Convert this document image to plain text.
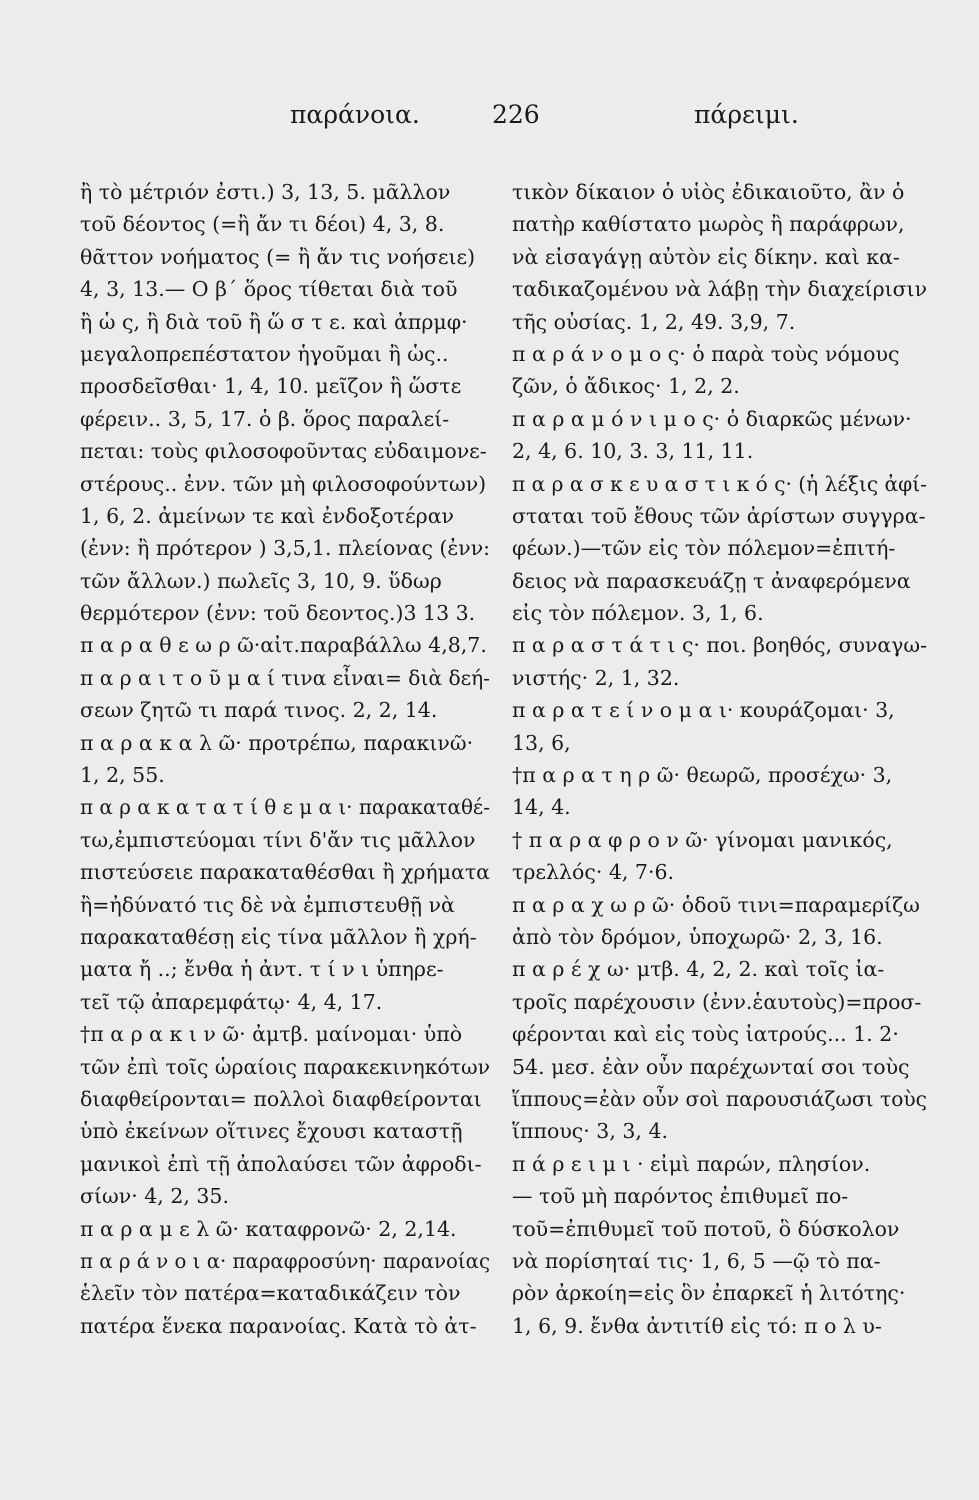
παράνοια.	226	πάρειμι.
ἢ τὸ μέτριόν ἐστι.) 3, 13, 5. μᾶλλον
τοῦ δέοντος (=ἢ ἄν τι δέοι) 4, 3, 8.
θᾶττον νοήματος (= ἢ ἄν τις νοήσειε)
4, 3, 13.— Ο β΄ ὅρος τίθεται διὰ τοῦ
ἢ ὡ ς, ἢ διὰ τοῦ ἢ ὥ σ τ ε. καὶ ἀπρμφ·
μεγαλοπρεπέστατον ἡγοῦμαι ἢ ὡς..
προσδεῖσθαι· 1, 4, 10. μεῖζον ἢ ὥστε
φέρειν.. 3, 5, 17. ὁ β. ὅρος παραλεί-
πεται: τοὺς φιλοσοφοῦντας εὐδαιμονε-
στέρους.. ἐνν. τῶν μὴ φιλοσοφούντων)
1, 6, 2. ἀμείνων τε καὶ ἐνδοξοτέραν
(ἐνν: ἢ πρότερον ) 3,5,1. πλείονας (ἐνν:
τῶν ἄλλων.) πωλεῖς 3, 10, 9. ὕδωρ
θερμότερον (ἐνν: τοῦ δεοντος.)3 13 3.
π α ρ α θ ε ω ρ ῶ·αἰτ.παραβάλλω 4,8,7.
π α ρ α ι τ ο ῦ μ α ί τινα εἶναι= διὰ δεή-
σεων ζητῶ τι παρά τινος. 2, 2, 14.
π α ρ α κ α λ ῶ· προτρέπω, παρακινῶ·
1, 2, 55.
π α ρ α κ α τ α τ ί θ ε μ α ι· παρακαταθέ-
τω,ἐμπιστεύομαι τίνι δ'ἄν τις μᾶλλον
πιστεύσειε παρακαταθέσθαι ἢ χρήματα
ἢ=ἠδύνατό τις δὲ νὰ ἐμπιστευθῇ νὰ
παρακαταθέσῃ εἰς τίνα μᾶλλον ἢ χρή-
ματα ἤ ..; ἔνθα ἡ ἀντ. τ ί ν ι ὑπηρε-
τεῖ τῷ ἀπαρεμφάτῳ· 4, 4, 17.
†π α ρ α κ ι ν ῶ· ἀμτβ. μαίνομαι· ὑπὸ
τῶν ἐπὶ τοῖς ὡραίοις παρακεκινηκότων
διαφθείρονται= πολλοὶ διαφθείρονται
ὑπὸ ἐκείνων οἵτινες ἔχουσι καταστῇ
μανικοὶ ἐπὶ τῇ ἀπολαύσει τῶν ἀφροδι-
σίων· 4, 2, 35.
π α ρ α μ ε λ ῶ· καταφρονῶ· 2, 2,14.
π α ρ ά ν ο ι α· παραφροσύνη· παρανοίας
ἑλεῖν τὸν πατέρα=καταδικάζειν τὸν
πατέρα ἕνεκα παρανοίας. Κατὰ τὸ ἀτ-
τικὸν δίκαιον ὁ υἱὸς ἐδικαιοῦτο, ἂν ὁ
πατὴρ καθίστατο μωρὸς ἢ παράφρων,
νὰ εἰσαγάγῃ αὐτὸν εἰς δίκην. καὶ κα-
ταδικαζομένου νὰ λάβῃ τὴν διαχείρισιν
τῆς οὐσίας. 1, 2, 49. 3,9, 7.
π α ρ ά ν ο μ ο ς· ὁ παρὰ τοὺς νόμους
ζῶν, ὁ ἄδικος· 1, 2, 2.
π α ρ α μ ό ν ι μ ο ς· ὁ διαρκῶς μένων·
2, 4, 6. 10, 3. 3, 11, 11.
π α ρ α σ κ ε υ α σ τ ι κ ό ς· (ἡ λέξις ἀφί-
σταται τοῦ ἔθους τῶν ἀρίστων συγγρα-
φέων.)—τῶν εἰς τὸν πόλεμον=ἐπιτή-
δειος νὰ παρασκευάζῃ τ ἀναφερόμενα
εἰς τὸν πόλεμον. 3, 1, 6.
π α ρ α σ τ ά τ ι ς· ποι. βοηθός, συναγω-
νιστής· 2, 1, 32.
π α ρ α τ ε ί ν ο μ α ι· κουράζομαι· 3,
13, 6,
†π α ρ α τ η ρ ῶ· θεωρῶ, προσέχω· 3,
14, 4.
† π α ρ α φ ρ ο ν ῶ· γίνομαι μανικός,
τρελλός· 4, 7·6.
π α ρ α χ ω ρ ῶ· ὁδοῦ τινι=παραμερίζω
ἀπὸ τὸν δρόμον, ὑποχωρῶ· 2, 3, 16.
π α ρ έ χ ω· μτβ. 4, 2, 2. καὶ τοῖς ἰα-
τροῖς παρέχουσιν (ἐνν.ἑαυτοὺς)=προσ-
φέρονται καὶ εἰς τοὺς ἰατρούς... 1. 2·
54. μεσ. ἐὰν οὖν παρέχωνταί σοι τοὺς
ἵππους=ἐὰν οὖν σοὶ παρουσιάζωσι τοὺς
ἵππους· 3, 3, 4.
π ά ρ ε ι μ ι · εἰμὶ παρών, πλησίον.
— τοῦ μὴ παρόντος ἐπιθυμεῖ πο-
τοῦ=ἐπιθυμεῖ τοῦ ποτοῦ, ὃ δύσκολον
νὰ πορίσηταί τις· 1, 6, 5 —ῷ τὸ πα-
ρὸν ἀρκοίη=εἰς ὃν ἐπαρκεῖ ἡ λιτότης·
1, 6, 9. ἔνθα ἀντιτίθ εἰς τό: π ο λ υ-
